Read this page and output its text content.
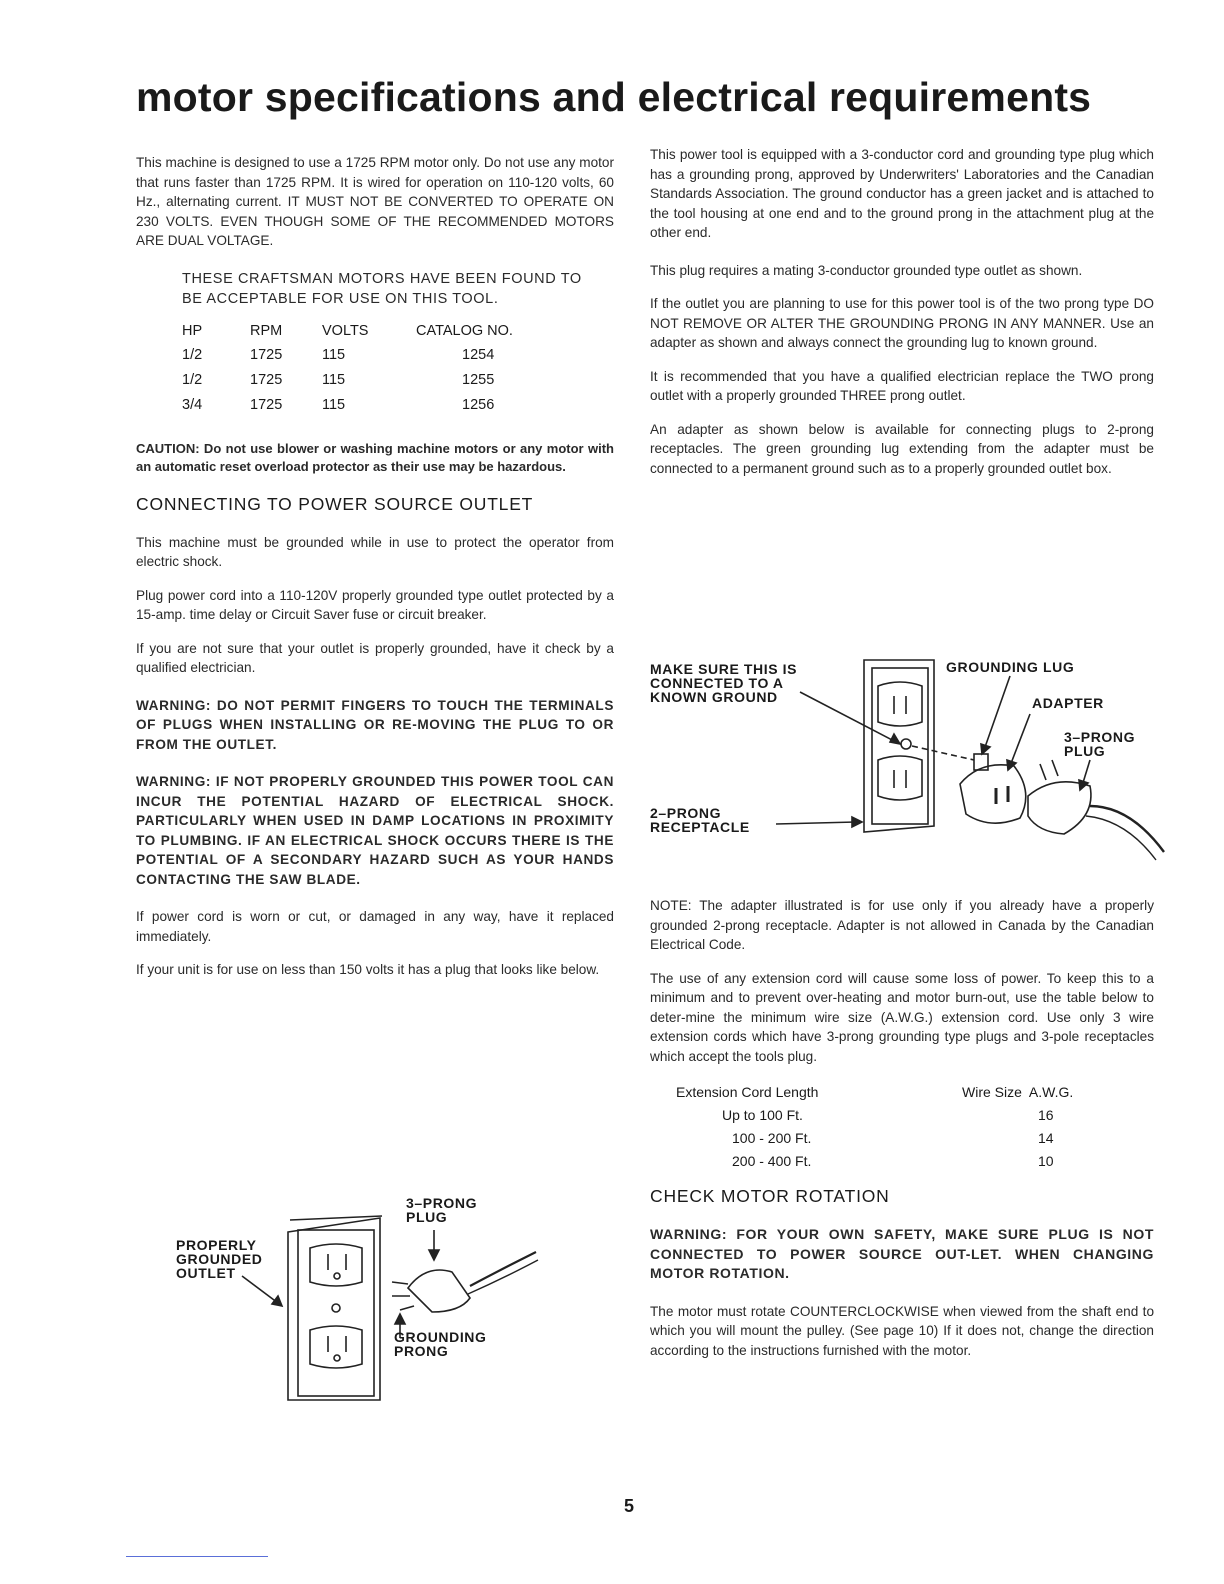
motor specifications and electrical requirements

This machine is designed to use a 1725 RPM motor only. Do not use any motor that runs faster than 1725 RPM. It is wired for operation on 110-120 volts, 60 Hz., alternating current. IT MUST NOT BE CONVERTED TO OPERATE ON 230 VOLTS. EVEN THOUGH SOME OF THE RECOMMENDED MOTORS ARE DUAL VOLTAGE.

THESE CRAFTSMAN MOTORS HAVE BEEN FOUND TO BE ACCEPTABLE FOR USE ON THIS TOOL.

HP	RPM	VOLTS	CATALOG NO.
1/2	1725	115	1254
1/2	1725	115	1255
3/4	1725	115	1256

CAUTION: Do not use blower or washing machine motors or any motor with an automatic reset overload protector as their use may be hazardous.

CONNECTING TO POWER SOURCE OUTLET

This machine must be grounded while in use to protect the operator from electric shock.

Plug power cord into a 110-120V properly grounded type outlet protected by a 15-amp. time delay or Circuit Saver fuse or circuit breaker.

If you are not sure that your outlet is properly grounded, have it check by a qualified electrician.

WARNING: DO NOT PERMIT FINGERS TO TOUCH THE TERMINALS OF PLUGS WHEN INSTALLING OR RE-MOVING THE PLUG TO OR FROM THE OUTLET.

WARNING: IF NOT PROPERLY GROUNDED THIS POWER TOOL CAN INCUR THE POTENTIAL HAZARD OF ELECTRICAL SHOCK. PARTICULARLY WHEN USED IN DAMP LOCATIONS IN PROXIMITY TO PLUMBING. IF AN ELECTRICAL SHOCK OCCURS THERE IS THE POTENTIAL OF A SECONDARY HAZARD SUCH AS YOUR HANDS CONTACTING THE SAW BLADE.

If power cord is worn or cut, or damaged in any way, have it replaced immediately.

If your unit is for use on less than 150 volts it has a plug that looks like below.

PROPERLY
GROUNDED
OUTLET
3–PRONG
PLUG
GROUNDING
PRONG

This power tool is equipped with a 3-conductor cord and grounding type plug which has a grounding prong, approved by Underwriters' Laboratories and the Canadian Standards Association. The ground conductor has a green jacket and is attached to the tool housing at one end and to the ground prong in the attachment plug at the other end.

This plug requires a mating 3-conductor grounded type outlet as shown.

If the outlet you are planning to use for this power tool is of the two prong type DO NOT REMOVE OR ALTER THE GROUNDING PRONG IN ANY MANNER. Use an adapter as shown and always connect the grounding lug to known ground.

It is recommended that you have a qualified electrician replace the TWO prong outlet with a properly grounded THREE prong outlet.

An adapter as shown below is available for connecting plugs to 2-prong receptacles. The green grounding lug extending from the adapter must be connected to a permanent ground such as to a properly grounded outlet box.

MAKE SURE THIS IS
CONNECTED TO A
KNOWN GROUND
GROUNDING LUG
ADAPTER
3–PRONG
PLUG
2–PRONG
RECEPTACLE

NOTE: The adapter illustrated is for use only if you already have a properly grounded 2-prong receptacle. Adapter is not allowed in Canada by the Canadian Electrical Code.

The use of any extension cord will cause some loss of power. To keep this to a minimum and to prevent over-heating and motor burn-out, use the table below to deter-mine the minimum wire size (A.W.G.) extension cord. Use only 3 wire extension cords which have 3-prong grounding type plugs and 3-pole receptacles which accept the tools plug.

Extension Cord Length	Wire Size  A.W.G.
Up to 100 Ft.	16
100 - 200 Ft.	14
200 - 400 Ft.	10

CHECK MOTOR ROTATION

WARNING: FOR YOUR OWN SAFETY, MAKE SURE PLUG IS NOT CONNECTED TO POWER SOURCE OUT-LET. WHEN CHANGING MOTOR ROTATION.

The motor must rotate COUNTERCLOCKWISE when viewed from the shaft end to which you will mount the pulley. (See page 10) If it does not, change the direction according to the instructions furnished with the motor.

5
